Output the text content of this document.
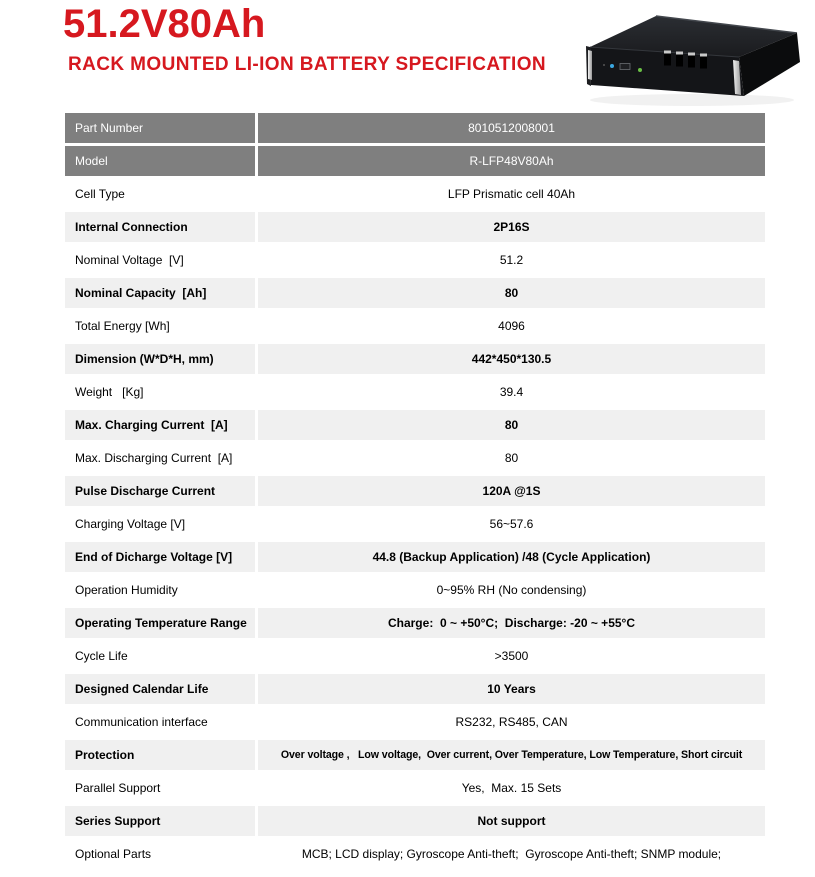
51.2V80Ah
RACK MOUNTED LI-ION BATTERY SPECIFICATION
Part Number	8010512008001
Model	R-LFP48V80Ah
Cell Type	LFP Prismatic cell 40Ah
Internal Connection	2P16S
Nominal Voltage  [V]	51.2
Nominal Capacity  [Ah]	80
Total Energy [Wh]	4096
Dimension (W*D*H, mm)	442*450*130.5
Weight   [Kg]	39.4
Max. Charging Current  [A]	80
Max. Discharging Current  [A]	80
Pulse Discharge Current	120A @1S
Charging Voltage [V]	56~57.6
End of Dicharge Voltage [V]	44.8 (Backup Application) /48 (Cycle Application)
Operation Humidity	0~95% RH (No condensing)
Operating Temperature Range	Charge:  0 ~ +50°C;  Discharge: -20 ~ +55°C
Cycle Life	>3500
Designed Calendar Life	10 Years
Communication interface	RS232, RS485, CAN
Protection	Over voltage ,   Low voltage,  Over current, Over Temperature, Low Temperature, Short circuit
Parallel Support	Yes,  Max. 15 Sets
Series Support	Not support
Optional Parts	MCB; LCD display; Gyroscope Anti-theft;  Gyroscope Anti-theft; SNMP module;
